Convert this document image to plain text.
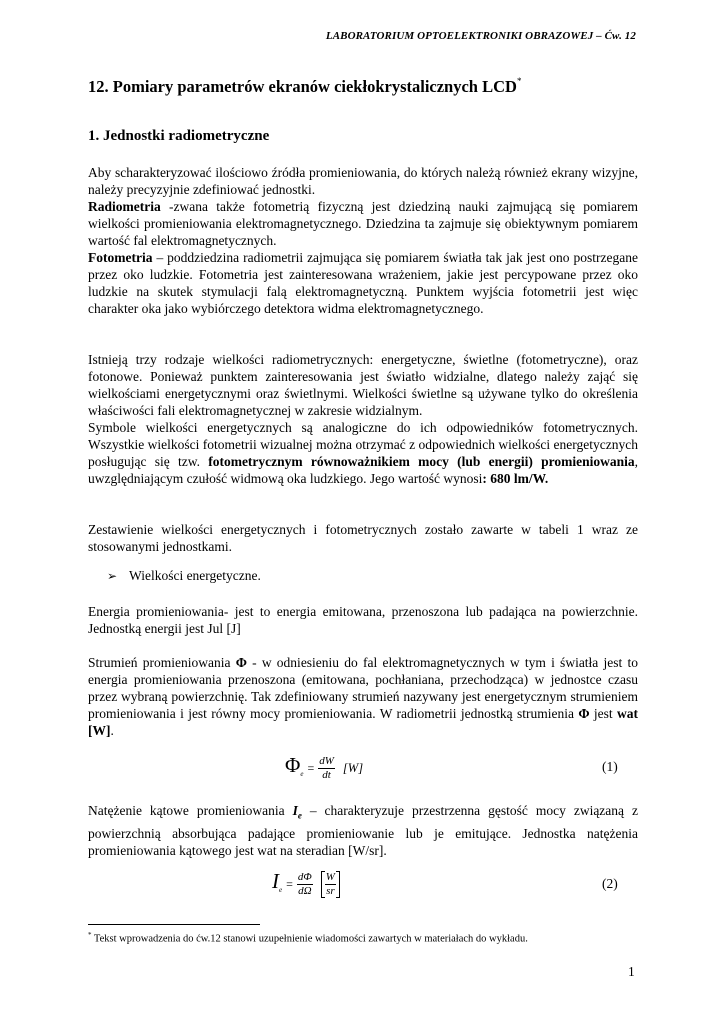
LABORATORIUM OPTOELEKTRONIKI OBRAZOWEJ – Ćw. 12
12. Pomiary parametrów ekranów ciekłokrystalicznych LCD*
1. Jednostki radiometryczne

Aby scharakteryzować ilościowo źródła promieniowania, do których należą również ekrany wizyjne, należy precyzyjnie zdefiniować jednostki.

Radiometria -zwana także fotometrią fizyczną jest dziedziną nauki zajmującą się pomiarem wielkości promieniowania elektromagnetycznego. Dziedzina ta zajmuje się obiektywnym pomiarem wartość fal elektromagnetycznych.

Fotometria – poddziedzina radiometrii zajmująca się pomiarem światła tak jak jest ono postrzegane przez oko ludzkie. Fotometria jest zainteresowana wrażeniem, jakie jest percypowane przez oko ludzkie na skutek stymulacji falą elektromagnetyczną. Punktem wyjścia fotometrii jest więc charakter oka jako wybiórczego detektora widma elektromagnetycznego.

Istnieją trzy rodzaje wielkości radiometrycznych: energetyczne, świetlne (fotometryczne), oraz fotonowe. Ponieważ punktem zainteresowania jest światło widzialne, dlatego należy zająć się wielkościami energetycznymi oraz świetlnymi. Wielkości świetlne są używane tylko do określenia właściwości fali elektromagnetycznej w zakresie widzialnym.

Symbole wielkości energetycznych są analogiczne do ich odpowiedników fotometrycznych. Wszystkie wielkości fotometrii wizualnej można otrzymać z odpowiednich wielkości energetycznych posługując się tzw. fotometrycznym równoważnikiem mocy (lub energii) promieniowania, uwzględniającym czułość widmową oka ludzkiego. Jego wartość wynosi: 680 lm/W.

Zestawienie wielkości energetycznych i fotometrycznych zostało zawarte w tabeli 1 wraz ze stosowanymi jednostkami.

➢ Wielkości energetyczne.

Energia promieniowania- jest to energia emitowana, przenoszona lub padająca na powierzchnie. Jednostką energii jest Jul [J]

Strumień promieniowania Φ - w odniesieniu do fal elektromagnetycznych w tym i światła jest to energia promieniowania przenoszona (emitowana, pochłaniana, przechodząca) w jednostce czasu przez wybraną powierzchnię. Tak zdefiniowany strumień nazywany jest energetycznym strumieniem promieniowania i jest równy mocy promieniowania. W radiometrii jednostką strumienia Φ jest wat [W].

$\Phi_e = \frac{dW}{dt} [W]$	(1)

Natężenie kątowe promieniowania $I_e$ – charakteryzuje przestrzenna gęstość mocy związaną z powierzchnią absorbująca padające promieniowanie lub je emitujące. Jednostka natężenia promieniowania kątowego jest wat na steradian [W/sr].

$I_e = \frac{d\Phi}{d\Omega}$
$\frac{W}{sr}$	(2)
* Tekst wprowadzenia do ćw.12 stanowi uzupełnienie wiadomości zawartych w materiałach do wykładu.
1
